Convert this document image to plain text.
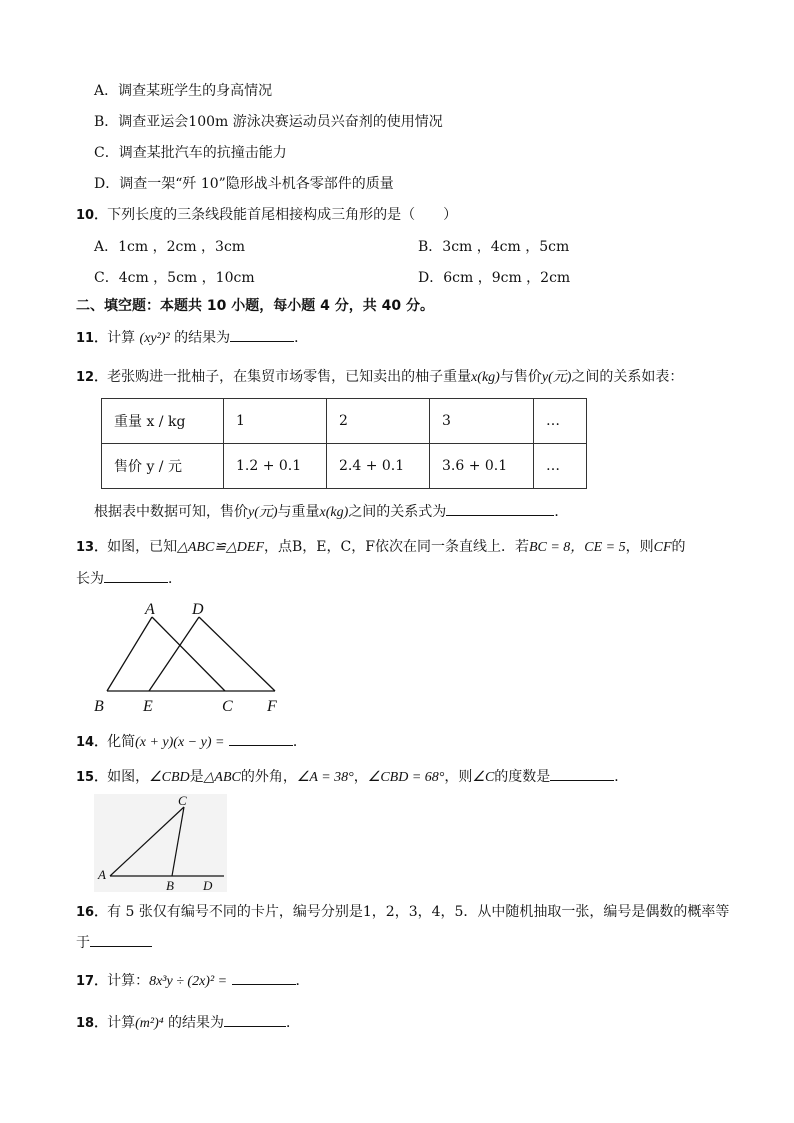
A．调查某班学生的身高情况
B．调查亚运会100m 游泳决赛运动员兴奋剂的使用情况
C．调查某批汽车的抗撞击能力
D．调查一架“歼 10”隐形战斗机各零部件的质量
10．下列长度的三条线段能首尾相接构成三角形的是（　　）
A．1cm ，2cm ，3cm	B．3cm ，4cm ，5cm
C．4cm ，5cm ，10cm	D．6cm ，9cm ，2cm
二、填空题：本题共 10 小题，每小题 4 分，共 40 分。
11．计算 (xy²)² 的结果为	．
12．老张购进一批柚子，在集贸市场零售，已知卖出的柚子重量x(kg)与售价y(元)之间的关系如表：
重量 x / kg	1	2	3	…
售价 y / 元	1.2 + 0.1	2.4 + 0.1	3.6 + 0.1	…
根据表中数据可知，售价y(元)与重量x(kg)之间的关系式为	．
13．如图，已知△ABC≌△DEF，点B，E，C，F依次在同一条直线上．若BC = 8，CE = 5，则CF的
长为	．
A D
B E	C F
14．化简(x + y)(x − y) =	．
15．如图，∠CBD是△ABC的外角，∠A = 38°，∠CBD = 68°，则∠C的度数是	．
C
A
B D
16．有 5 张仅有编号不同的卡片，编号分别是1，2，3，4，5．从中随机抽取一张，编号是偶数的概率等
于
17．计算：8x³y ÷ (2x)² =	．
18．计算(m²)⁴ 的结果为	．
